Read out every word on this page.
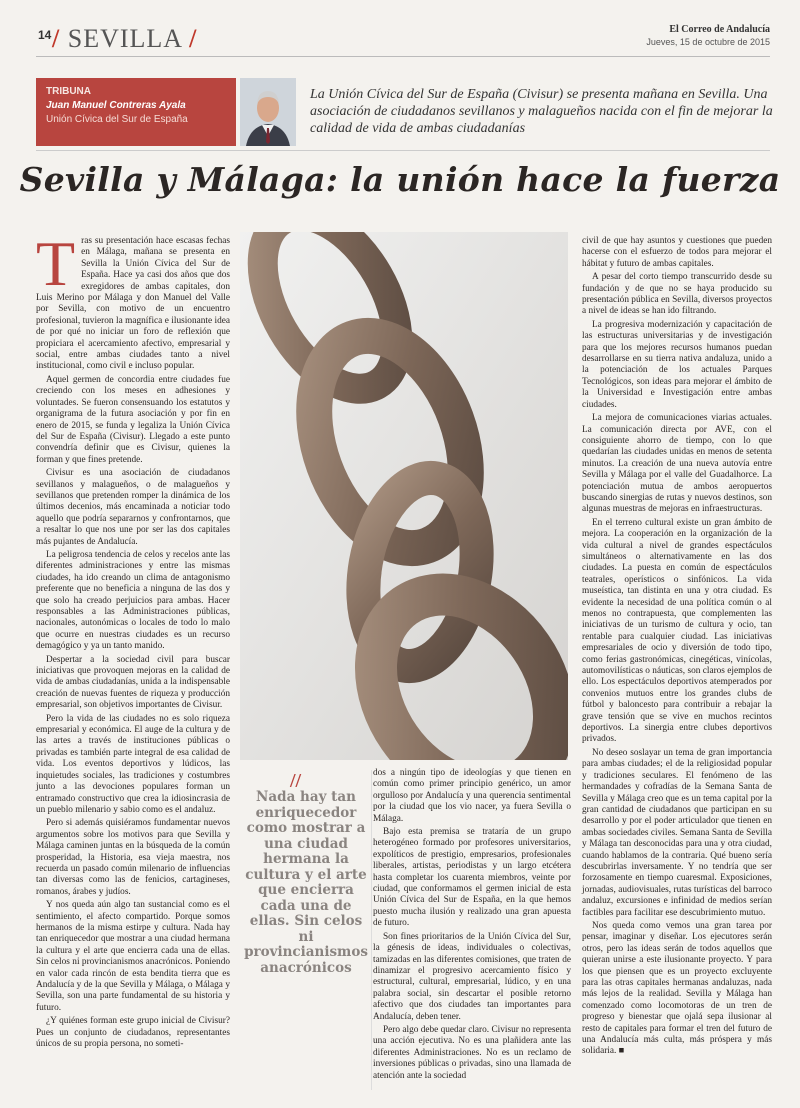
14 / SEVILLA /	El Correo de Andalucía
Jueves, 15 de octubre de 2015
TRIBUNA
Juan Manuel Contreras Ayala
Unión Cívica del Sur de España
La Unión Cívica del Sur de España (Civisur) se presenta mañana en Sevilla. Una asociación de ciudadanos sevillanos y malagueños nacida con el fin de mejorar la calidad de vida de ambas ciudadanías
Sevilla y Málaga: la unión hace la fuerza
T ras su presentación hace escasas fechas en Málaga, mañana se presenta en Sevilla la Unión Cívica del Sur de España. Hace ya casi dos años que dos exregidores de ambas capitales, don Luis Merino por Málaga y don Manuel del Valle por Sevilla, con motivo de un encuentro profesional, tuvieron la magnífica e ilusionante idea de por qué no iniciar un foro de reflexión que propiciara el acercamiento afectivo, empresarial y social, entre ambas ciudades tanto a nivel institucional, como civil e incluso popular.

Aquel germen de concordia entre ciudades fue creciendo con los meses en adhesiones y voluntades. Se fueron consensuando los estatutos y organigrama de la futura asociación y por fin en enero de 2015, se funda y legaliza la Unión Cívica del Sur de España (Civisur). Llegado a este punto convendría definir que es Civisur, quienes la forman y que fines pretende.

Civisur es una asociación de ciudadanos sevillanos y malagueños, o de malagueños y sevillanos que pretenden romper la dinámica de los últimos decenios, más encaminada a noticiar todo aquello que podría separarnos y confrontarnos, que a resaltar lo que nos une por ser las dos capitales más pujantes de Andalucía.

La peligrosa tendencia de celos y recelos ante las diferentes administraciones y entre las mismas ciudades, ha ido creando un clima de antagonismo preferente que no beneficia a ninguna de las dos y que solo ha creado perjuicios para ambas. Hacer responsables a las Administraciones públicas, nacionales, autonómicas o locales de todo lo malo que ocurre en nuestras ciudades es un recurso demagógico y ya un tanto manido.

Despertar a la sociedad civil para buscar iniciativas que provoquen mejoras en la calidad de vida de ambas ciudadanías, unida a la indispensable creación de nuevas fuentes de riqueza y producción empresarial, son objetivos importantes de Civisur.

Pero la vida de las ciudades no es solo riqueza empresarial y económica. El auge de la cultura y de las artes a través de instituciones públicas o privadas es también parte integral de esa calidad de vida. Los eventos deportivos y lúdicos, las inquietudes sociales, las tradiciones y costumbres junto a las devociones populares forman un entramado constructivo que crea la idiosincrasia de un pueblo milenario y sabio como es el andaluz.

Pero si además quisiéramos fundamentar nuevos argumentos sobre los motivos para que Sevilla y Málaga caminen juntas en la búsqueda de la común prosperidad, la Historia, esa vieja maestra, nos recuerda un pasado común milenario de influencias tan diversas como las de fenicios, cartagineses, romanos, árabes y judíos.

Y nos queda aún algo tan sustancial como es el sentimiento, el afecto compartido. Porque somos hermanos de la misma estirpe y cultura. Nada hay tan enriquecedor que mostrar a una ciudad hermana la cultura y el arte que encierra cada una de ellas. Sin celos ni provincianismos anacrónicos. Poniendo en valor cada rincón de esta bendita tierra que es Andalucía y de la que Sevilla y Málaga, o Málaga y Sevilla, son una parte fundamental de su historia y futuro.

¿Y quiénes forman este grupo inicial de Civisur? Pues un conjunto de ciudadanos, representantes únicos de su propia persona, no someti-

civil de que hay asuntos y cuestiones que pueden hacerse con el esfuerzo de todos para mejorar el hábitat y futuro de ambas capitales.

A pesar del corto tiempo transcurrido desde su fundación y de que no se haya producido su presentación pública en Sevilla, diversos proyectos a nivel de ideas se han ido filtrando.

La progresiva modernización y capacitación de las estructuras universitarias y de investigación para que los mejores recursos humanos puedan desarrollarse en su tierra nativa andaluza, unido a la potenciación de los actuales Parques Tecnológicos, son ideas para mejorar el ámbito de la Universidad e Investigación entre ambas ciudades.

La mejora de comunicaciones viarias actuales. La comunicación directa por AVE, con el consiguiente ahorro de tiempo, con lo que quedarían las ciudades unidas en menos de setenta minutos. La creación de una nueva autovía entre Sevilla y Málaga por el valle del Guadalhorce. La potenciación mutua de ambos aeropuertos buscando sinergias de rutas y nuevos destinos, son algunas muestras de mejoras en infraestructuras.

En el terreno cultural existe un gran ámbito de mejora. La cooperación en la organización de la vida cultural a nivel de grandes espectáculos simultáneos o alternativamente en las dos ciudades. La puesta en común de espectáculos teatrales, operísticos o sinfónicos. La vida museística, tan distinta en una y otra ciudad. Es evidente la necesidad de una política común o al menos no contrapuesta, que complementen las iniciativas de un turismo de cultura y ocio, tan rentable para cualquier ciudad. Las iniciativas empresariales de ocio y diversión de todo tipo, como ferias gastronómicas, cinegéticas, vinícolas, automovilísticas o náuticas, son claros ejemplos de ello. Los espectáculos deportivos atemperados por convenios mutuos entre los grandes clubs de fútbol y baloncesto para contribuir a rebajar la grave tensión que se vive en muchos recintos deportivos. La sinergia entre clubes deportivos privados.

No deseo soslayar un tema de gran importancia para ambas ciudades; el de la religiosidad popular y tradiciones seculares. El fenómeno de las hermandades y cofradías de la Semana Santa de Sevilla y Málaga creo que es un tema capital por la gran cantidad de ciudadanos que participan en su desarrollo y por el poder articulador que tienen en ambas sociedades civiles. Semana Santa de Sevilla y Málaga tan desconocidas para una y otra ciudad, cuando hablamos de la contraria. Qué bueno sería descubrirlas inversamente. Y no tendría que ser forzosamente en tiempo cuaresmal. Exposiciones, jornadas, audiovisuales, rutas turísticas del barroco andaluz, excursiones e infinidad de medios serían factibles para facilitar ese descubrimiento mutuo.

Nos queda como vemos una gran tarea por pensar, imaginar y diseñar. Los ejecutores serán otros, pero las ideas serán de todos aquellos que quieran unirse a este ilusionante proyecto. Y para los que piensen que es un proyecto excluyente para las otras capitales hermanas andaluzas, nada más lejos de la realidad. Sevilla y Málaga han comenzado como locomotoras de un tren de progreso y bienestar que ojalá sepa ilusionar al resto de capitales para formar el tren del futuro de una Andalucía más culta, más próspera y más solidaria. ■

//
Nada hay tan enriquecedor como mostrar a una ciudad hermana la cultura y el arte que encierra cada una de ellas. Sin celos ni provincianismos anacrónicos

dos a ningún tipo de ideologías y que tienen en común como primer principio genérico, un amor orgulloso por Andalucía y una querencia sentimental por la ciudad que los vio nacer, ya fuera Sevilla o Málaga.

Bajo esta premisa se trataría de un grupo heterogéneo formado por profesores universitarios, expolíticos de prestigio, empresarios, profesionales liberales, artistas, periodistas y un largo etcétera hasta completar los cuarenta miembros, veinte por ciudad, que conformamos el germen inicial de esta Unión Cívica del Sur de España, en la que hemos puesto mucha ilusión y realizado una gran apuesta de futuro.

Son fines prioritarios de la Unión Cívica del Sur, la génesis de ideas, individuales o colectivas, tamizadas en las diferentes comisiones, que traten de dinamizar el progresivo acercamiento físico y estructural, cultural, empresarial, lúdico, y en una palabra social, sin descartar el posible retorno afectivo que dos ciudades tan importantes para Andalucía, deben tener.

Pero algo debe quedar claro. Civisur no representa una acción ejecutiva. No es una plañidera ante las diferentes Administraciones. No es un reclamo de inversiones públicas o privadas, sino una llamada de atención ante la sociedad
